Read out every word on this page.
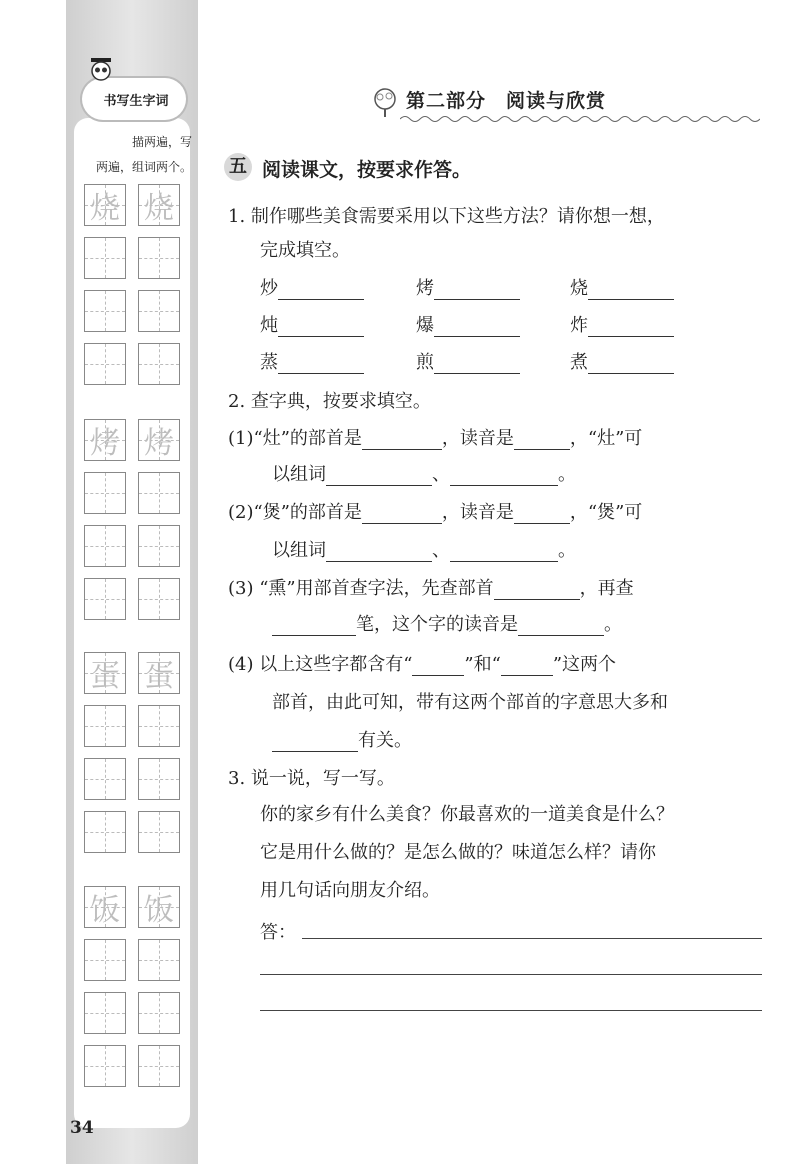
书写生字词
描两遍，写
两遍，组词两个。
烧 烧
烤 烤
蛋 蛋
饭 饭
34
第二部分　阅读与欣赏
五 阅读课文，按要求作答。
1. 制作哪些美食需要采用以下这些方法？请你想一想，
完成填空。
炒	烤	烧
炖	爆	炸
蒸	煎	煮
2. 查字典，按要求填空。
(1)“灶”的部首是	，读音是	，“灶”可
以组词	、	。
(2)“煲”的部首是	，读音是	，“煲”可
以组词	、	。
(3) “熏”用部首查字法，先查部首	，再查
笔，这个字的读音是	。
(4) 以上这些字都含有“	”和“	”这两个
部首，由此可知，带有这两个部首的字意思大多和
有关。
3. 说一说，写一写。
你的家乡有什么美食？你最喜欢的一道美食是什么？
它是用什么做的？是怎么做的？味道怎么样？请你
用几句话向朋友介绍。
答：
